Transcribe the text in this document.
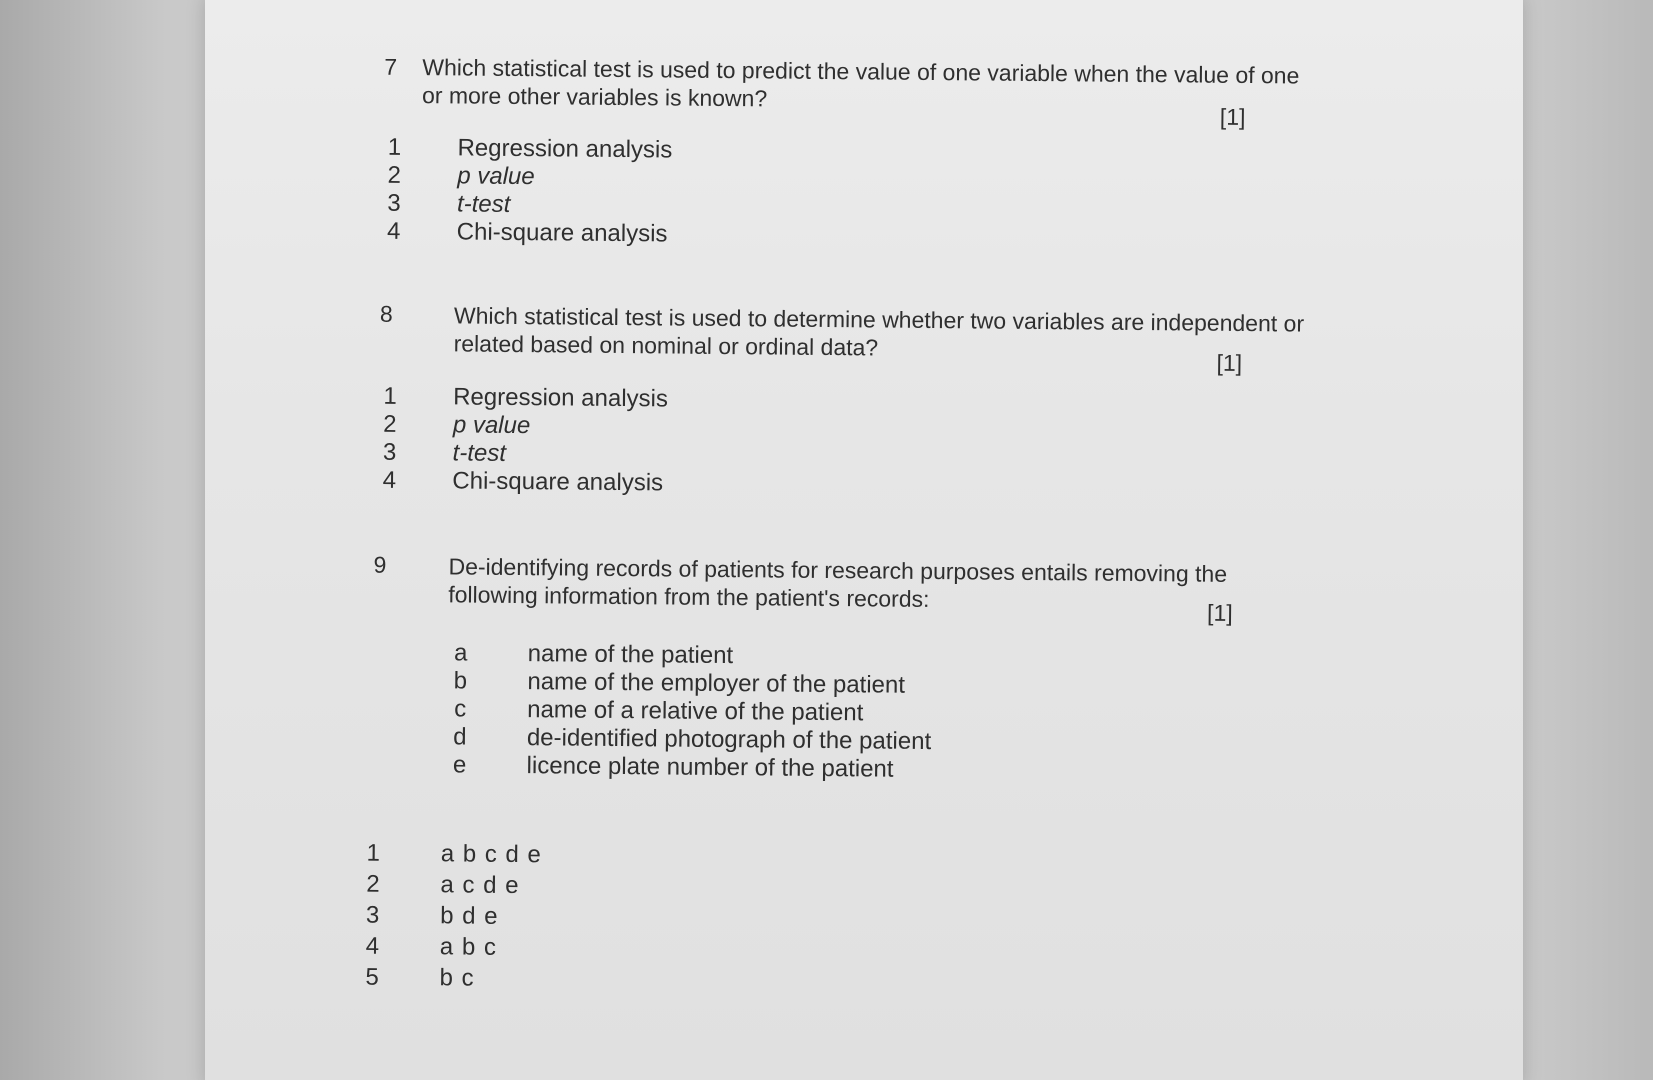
7 Which statistical test is used to predict the value of one variable when the value of one or more other variables is known?
[1]
1 Regression analysis
2 p value
3 t-test
4 Chi-square analysis
8	Which statistical test is used to determine whether two variables are independent or related based on nominal or ordinal data?
[1]
1 Regression analysis
2 p value
3 t-test
4 Chi-square analysis
9	De-identifying records of patients for research purposes entails removing the following information from the patient's records:
[1]
a	name of the patient
b	name of the employer of the patient
c	name of a relative of the patient
d	de-identified photograph of the patient
e	licence plate number of the patient
1 a b c d e
2 a c d e
3 b d e
4 a b c
5 b c
